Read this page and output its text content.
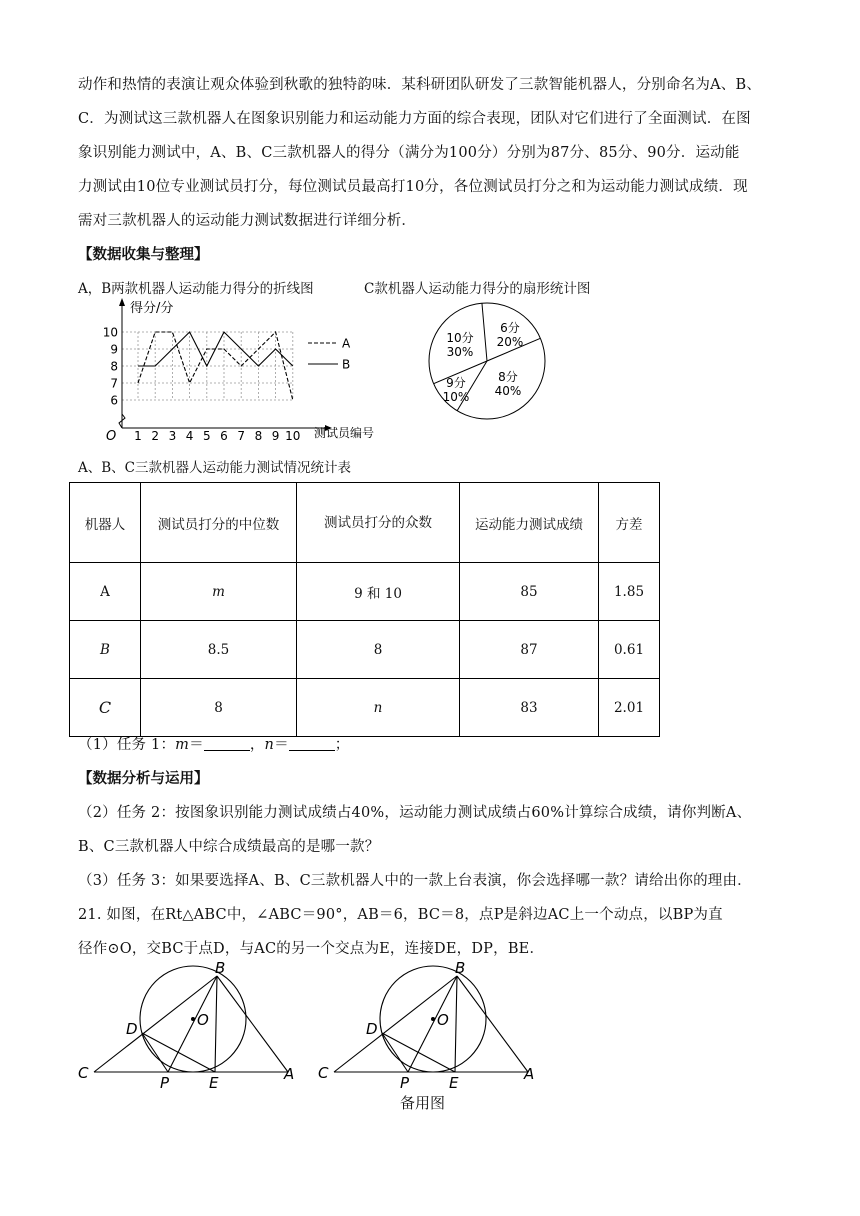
动作和热情的表演让观众体验到秋歌的独特韵味．某科研团队研发了三款智能机器人，分别命名为A、B、
C．为测试这三款机器人在图象识别能力和运动能力方面的综合表现，团队对它们进行了全面测试．在图
象识别能力测试中，A、B、C三款机器人的得分（满分为100分）分别为87分、85分、90分．运动能
力测试由10位专业测试员打分，每位测试员最高打10分，各位测试员打分之和为运动能力测试成绩．现
需对三款机器人的运动能力测试数据进行详细分析．
【数据收集与整理】
A，B两款机器人运动能力得分的折线图	C款机器人运动能力得分的扇形统计图
得分/分
测试员编号
O
6
7
8
9
10
1 2 3 4 5 6 7 8 9 10
A
B
6分
20%
8分
40%
9分
10%
10分
30%
A、B、C三款机器人运动能力测试情况统计表
机器人	测试员打分的中位数	测试员打分的众数	运动能力测试成绩	方差
A	m	9 和 10	85	1.85
B	8.5	8	87	0.61
C	8	n	83	2.01
（1）任务 1：m＝	，n＝	；
【数据分析与运用】
（2）任务 2：按图象识别能力测试成绩占40%，运动能力测试成绩占60%计算综合成绩，请你判断A、
B、C三款机器人中综合成绩最高的是哪一款？
（3）任务 3：如果要选择A、B、C三款机器人中的一款上台表演，你会选择哪一款？请给出你的理由．
21. 如图，在Rt△ABC中，∠ABC＝90°，AB＝6，BC＝8，点P是斜边AC上一个动点，以BP为直
径作⊙O，交BC于点D，与AC的另一个交点为E，连接DE，DP，BE．
B
O
D
C
P	E	A
B
O
D
C
P	E	A
备用图
